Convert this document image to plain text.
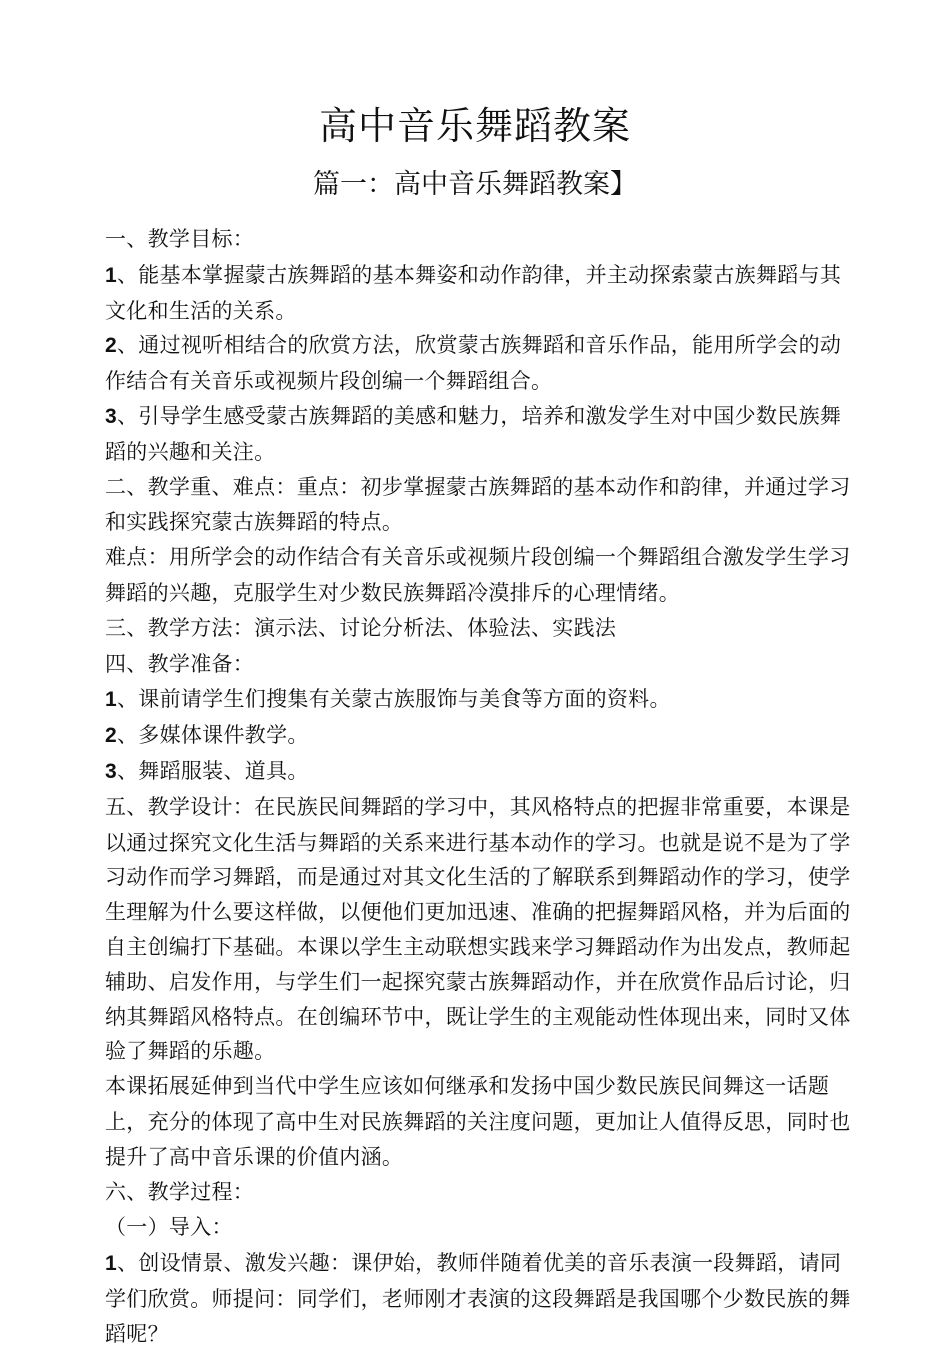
高中音乐舞蹈教案
篇一：高中音乐舞蹈教案】

一、教学目标：

1、能基本掌握蒙古族舞蹈的基本舞姿和动作韵律，并主动探索蒙古族舞蹈与其文化和生活的关系。

2、通过视听相结合的欣赏方法，欣赏蒙古族舞蹈和音乐作品，能用所学会的动作结合有关音乐或视频片段创编一个舞蹈组合。

3、引导学生感受蒙古族舞蹈的美感和魅力，培养和激发学生对中国少数民族舞蹈的兴趣和关注。

二、教学重、难点：重点：初步掌握蒙古族舞蹈的基本动作和韵律，并通过学习和实践探究蒙古族舞蹈的特点。

难点：用所学会的动作结合有关音乐或视频片段创编一个舞蹈组合激发学生学习舞蹈的兴趣，克服学生对少数民族舞蹈冷漠排斥的心理情绪。

三、教学方法：演示法、讨论分析法、体验法、实践法

四、教学准备：

1、课前请学生们搜集有关蒙古族服饰与美食等方面的资料。

2、多媒体课件教学。

3、舞蹈服装、道具。

五、教学设计：在民族民间舞蹈的学习中，其风格特点的把握非常重要，本课是以通过探究文化生活与舞蹈的关系来进行基本动作的学习。也就是说不是为了学习动作而学习舞蹈，而是通过对其文化生活的了解联系到舞蹈动作的学习，使学生理解为什么要这样做，以便他们更加迅速、准确的把握舞蹈风格，并为后面的自主创编打下基础。本课以学生主动联想实践来学习舞蹈动作为出发点，教师起辅助、启发作用，与学生们一起探究蒙古族舞蹈动作，并在欣赏作品后讨论，归纳其舞蹈风格特点。在创编环节中，既让学生的主观能动性体现出来，同时又体验了舞蹈的乐趣。

本课拓展延伸到当代中学生应该如何继承和发扬中国少数民族民间舞这一话题上，充分的体现了高中生对民族舞蹈的关注度问题，更加让人值得反思，同时也提升了高中音乐课的价值内涵。

六、教学过程：

（一）导入：

1、创设情景、激发兴趣：课伊始，教师伴随着优美的音乐表演一段舞蹈，请同学们欣赏。师提问：同学们，老师刚才表演的这段舞蹈是我国哪个少数民族的舞蹈呢？
